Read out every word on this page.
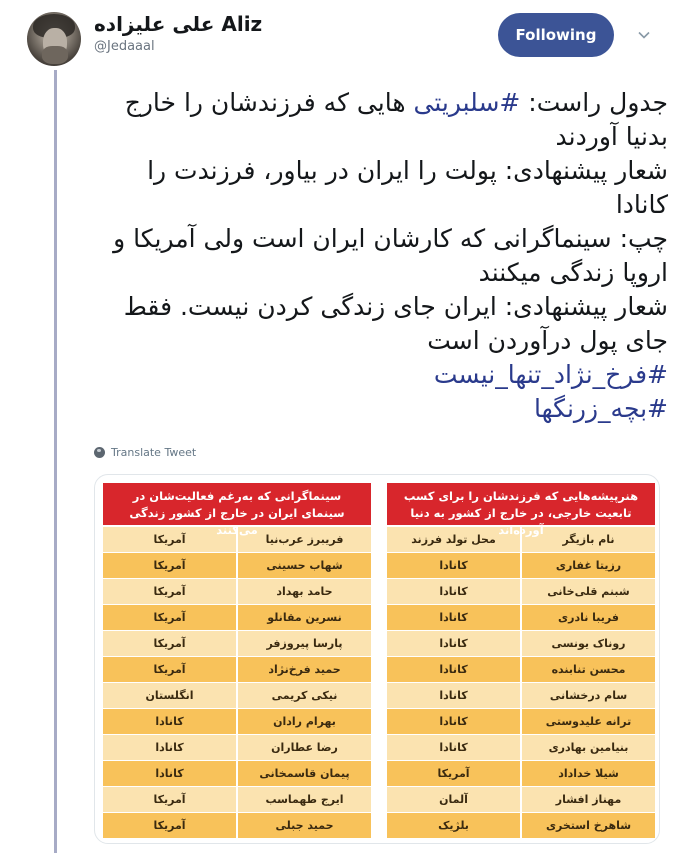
علی علیزاده Aliz
@Jedaaal
Following
جدول راست: #سلبریتی هایی که فرزندشان را خارج
بدنیا آوردند
شعار پیشنهادی: پولت را ایران در بیاور، فرزندت را
کانادا
چپ: سینماگرانی که کارشان ایران است ولی آمریکا و
اروپا زندگی میکنند
شعار پیشنهادی: ایران جای زندگی کردن نیست. فقط
جای پول درآوردن است
#فرخ_نژاد_تنها_نیست
#بچه_زرنگها
Translate Tweet
سینماگرانی که به‌رغم فعالیت‌شان در سینمای ایران در خارج از کشور زندگی می‌کنند
فریبرز عرب‌نیا
آمریکا
شهاب حسینی
آمریکا
حامد بهداد
آمریکا
نسرین مقانلو
آمریکا
پارسا پیروزفر
آمریکا
حمید فرخ‌نژاد
آمریکا
نیکی کریمی
انگلستان
بهرام رادان
کانادا
رضا عطاران
کانادا
پیمان قاسمخانی
کانادا
ایرج طهماسب
آمریکا
حمید جبلی
آمریکا
هنرپیشه‌هایی که فرزندشان را برای کسب تابعیت خارجی، در خارج از کشور به دنیا آورده‌اند
نام بازیگر
محل تولد فرزند
رزیتا غفاری
کانادا
شبنم قلی‌خانی
کانادا
فریبا نادری
کانادا
روناک یونسی
کانادا
محسن تنابنده
کانادا
سام درخشانی
کانادا
ترانه علیدوستی
کانادا
بنیامین بهادری
کانادا
شیلا خداداد
آمریکا
مهناز افشار
آلمان
شاهرخ استخری
بلژیک
